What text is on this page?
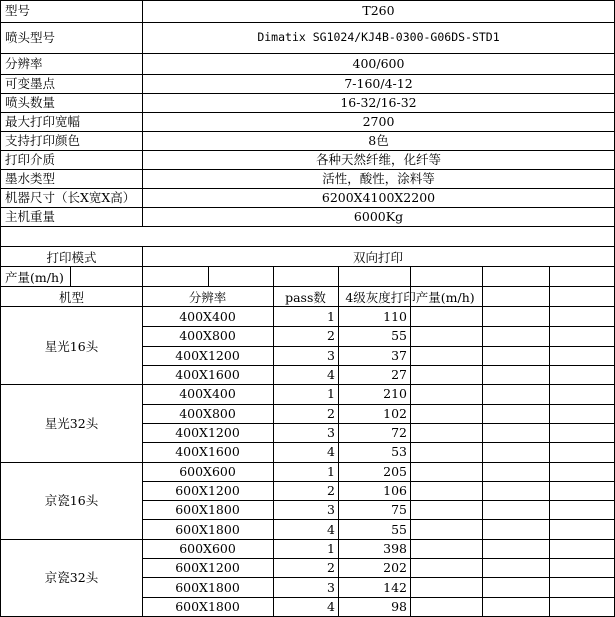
型号	T260
喷头型号	Dimatix SG1024/KJ4B-0300-G06DS-STD1
分辨率	400/600
可变墨点	7-160/4-12
喷头数量	16-32/16-32
最大打印宽幅	2700
支持打印颜色	8色
打印介质	各种天然纤维，化纤等
墨水类型	活性，酸性，涂料等
机器尺寸（长X宽X高）	6200X4100X2200
主机重量	6000Kg
打印模式	双向打印
产量(m/h)
机型	分辨率	pass数	4级灰度打印产量(m/h)
星光16头
400X400	1	110
400X800	2	55
400X1200	3	37
400X1600	4	27
星光32头
400X400	1	210
400X800	2	102
400X1200	3	72
400X1600	4	53
京瓷16头
600X600	1	205
600X1200	2	106
600X1800	3	75
600X1800	4	55
京瓷32头
600X600	1	398
600X1200	2	202
600X1800	3	142
600X1800	4	98
